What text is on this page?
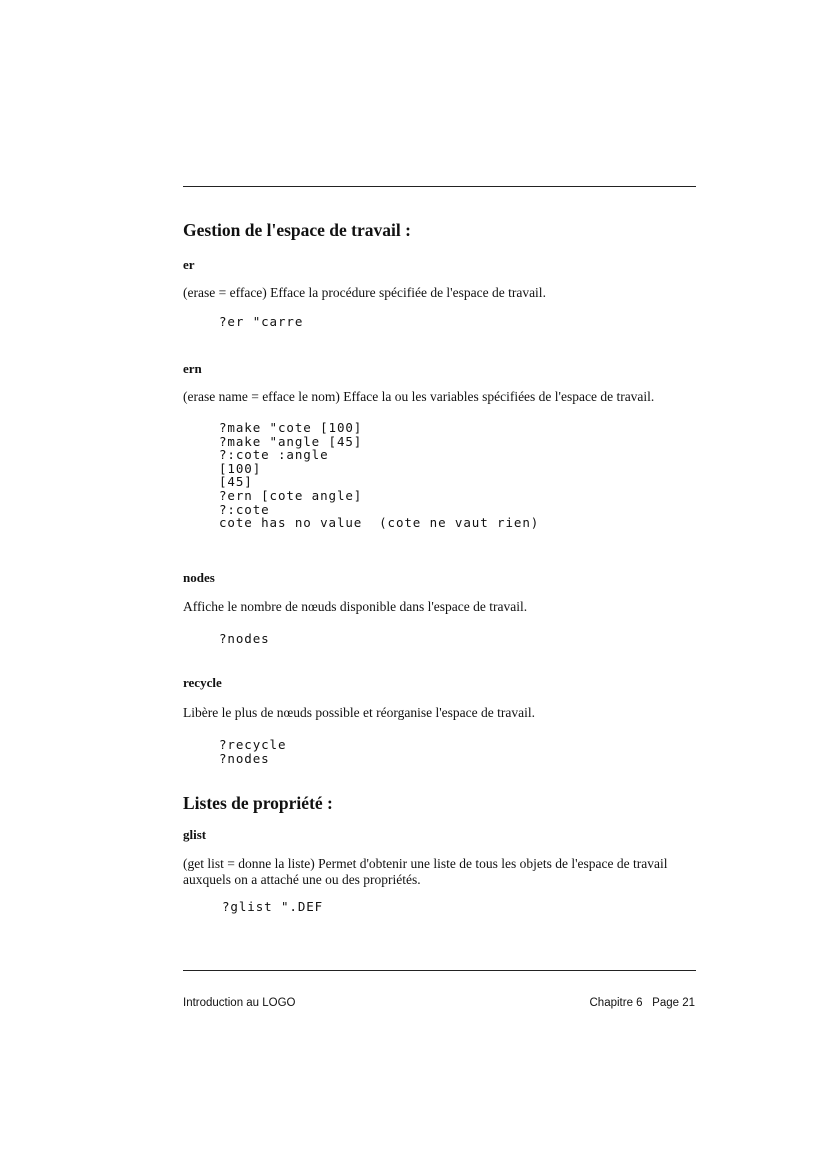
Gestion de l'espace de travail :
er
(erase = efface) Efface la procédure spécifiée de l'espace de travail.
?er "carre
ern
(erase name = efface le nom) Efface la ou les variables spécifiées de l'espace de travail.
?make "cote [100]
?make "angle [45]
?:cote :angle
[100]
[45]
?ern [cote angle]
?:cote
cote has no value  (cote ne vaut rien)
nodes
Affiche le nombre de nœuds disponible dans l'espace de travail.
?nodes
recycle
Libère le plus de nœuds possible et réorganise l'espace de travail.
?recycle
?nodes
Listes de propriété :
glist
(get list = donne la liste) Permet d'obtenir une liste de tous les objets de l'espace de travail auxquels on a attaché une ou des propriétés.
?glist ".DEF
Introduction au LOGO	Chapitre 6   Page 21
